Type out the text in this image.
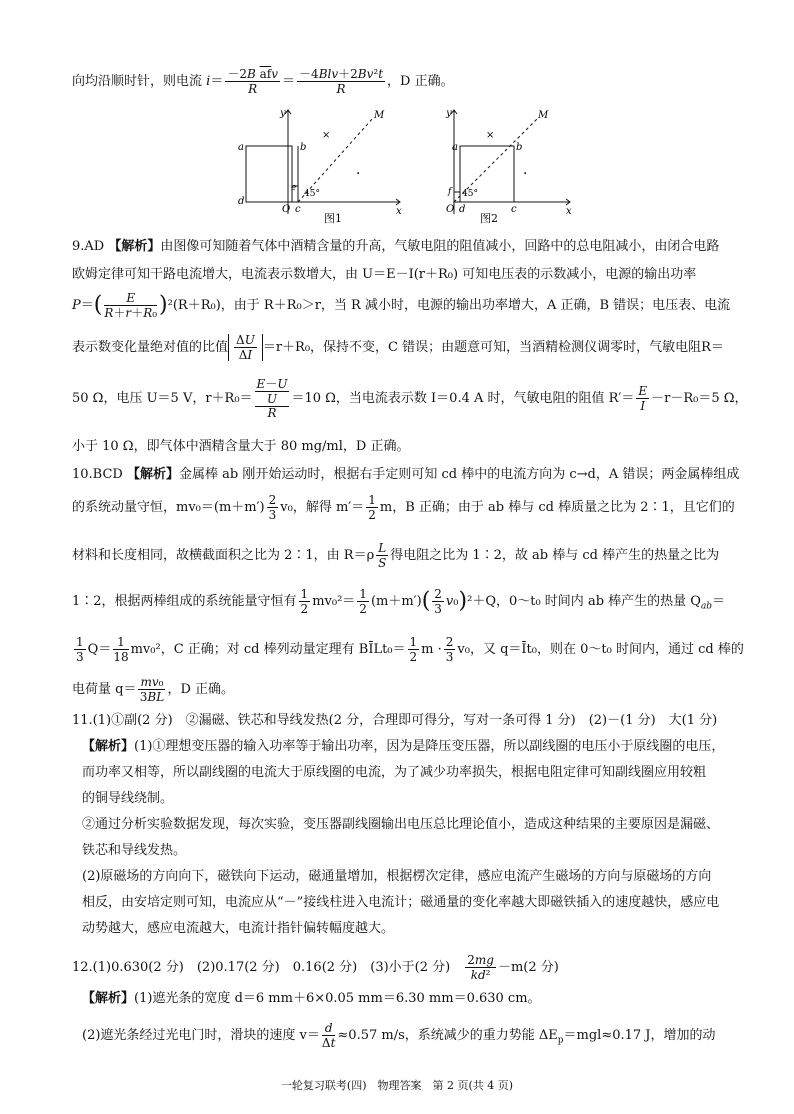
向均沿顺时针，则电流 $i= \frac{-2B \overline{af}v}{R} = \frac{\text{－4Blv＋2Bv²t}}{R}$ ，D 正确。
y
x
a	b
d
e
c
O
M
45°
×
·
图1
y
x
a	b
f
O d	c
M
45°
×
·
图2
9.AD 【解析】由图像可知随着气体中酒精含量的升高，气敏电阻的阻值减小，回路中的总电阻减小，由闭合电路
欧姆定律可知干路电流增大，电流表示数增大，由 U＝E－I(r＋R₀) 可知电压表的示数减小，电源的输出功率
$P=( \frac{E}{\text{R＋r＋R₀}} )^2(R+R_0)$，由于 R＋R₀＞r，当 R 减小时，电源的输出功率增大，A 正确，B 错误；电压表、电流
表示数变化量绝对值的比值 $\frac{\Delta U}{\Delta I} =r+R_0$，保持不变，C 错误；由题意可知，当酒精检测仪调零时，气敏电阻R＝
50 Ω，电压 U＝5 V，r＋R₀＝ E－U
U
R ＝10 Ω，当电流表示数 I＝0.4 A 时，气敏电阻的阻值 $R'= \frac{E}{I} -r-R_0=5$ Ω，
小于 10 Ω，即气体中酒精含量大于 80 mg/ml，D 正确。
10.BCD 【解析】金属棒 ab 刚开始运动时，根据右手定则可知 cd 棒中的电流方向为 c→d，A 错误；两金属棒组成
的系统动量守恒，$mv_0=(m+m') \frac{2}{3} v_0$，解得 $m'= \frac{1}{2}$ m，B 正确；由于 ab 棒与 cd 棒质量之比为 2∶1，且它们的
材料和长度相同，故横截面积之比为 2∶1，由 $R=\rho \frac{L}{S}$ 得电阻之比为 1∶2，故 ab 棒与 cd 棒产生的热量之比为
1∶2，根据两棒组成的系统能量守恒有 $\frac{1}{2} mv_0^2= \frac{1}{2} (m+m')( \frac{2}{3} v_0)^2+Q$，0～t₀ 时间内 ab 棒产生的热量 $Q_{ab}=$
$\frac{1}{3} Q= \frac{1}{18} mv_0^2$，C 正确；对 cd 棒列动量定理有 BĪLt₀＝ $\frac{1}{2}$ $m \cdot \frac{2}{3} v_0$，又 q＝Īt₀，则在 0～t₀ 时间内，通过 cd 棒的
电荷量 $q= \frac{\text{mv₀}}{3BL}$ ，D 正确。
11.(1)①副(2 分)　②漏磁、铁芯和导线发热(2 分，合理即可得分，写对一条可得 1 分)　(2)－(1 分)　大(1 分)
【解析】(1)①理想变压器的输入功率等于输出功率，因为是降压变压器，所以副线圈的电压小于原线圈的电压，
而功率又相等，所以副线圈的电流大于原线圈的电流，为了减少功率损失，根据电阻定律可知副线圈应用较粗
的铜导线绕制。
②通过分析实验数据发现，每次实验，变压器副线圈输出电压总比理论值小，造成这种结果的主要原因是漏磁、
铁芯和导线发热。
(2)原磁场的方向向下，磁铁向下运动，磁通量增加，根据楞次定律，感应电流产生磁场的方向与原磁场的方向
相反，由安培定则可知，电流应从“－”接线柱进入电流计；磁通量的变化率越大即磁铁插入的速度越快，感应电
动势越大，感应电流越大，电流计指针偏转幅度越大。
12.(1)0.630(2 分)　(2)0.17(2 分)　0.16(2 分)　(3)小于(2 分)　 $\frac{2mg}{\text{kd²}} -m(2$ 分)
【解析】(1)遮光条的宽度 d＝6 mm＋6×0.05 mm＝6.30 mm＝0.630 cm。
(2)遮光条经过光电门时，滑块的速度 $v= \frac{d}{\Delta t} \approx 0.57$ m/s，系统减少的重力势能 $\Delta E_p=mgl\approx 0.17$ J，增加的动
一轮复习联考(四)　物理答案　第 2 页(共 4 页)
